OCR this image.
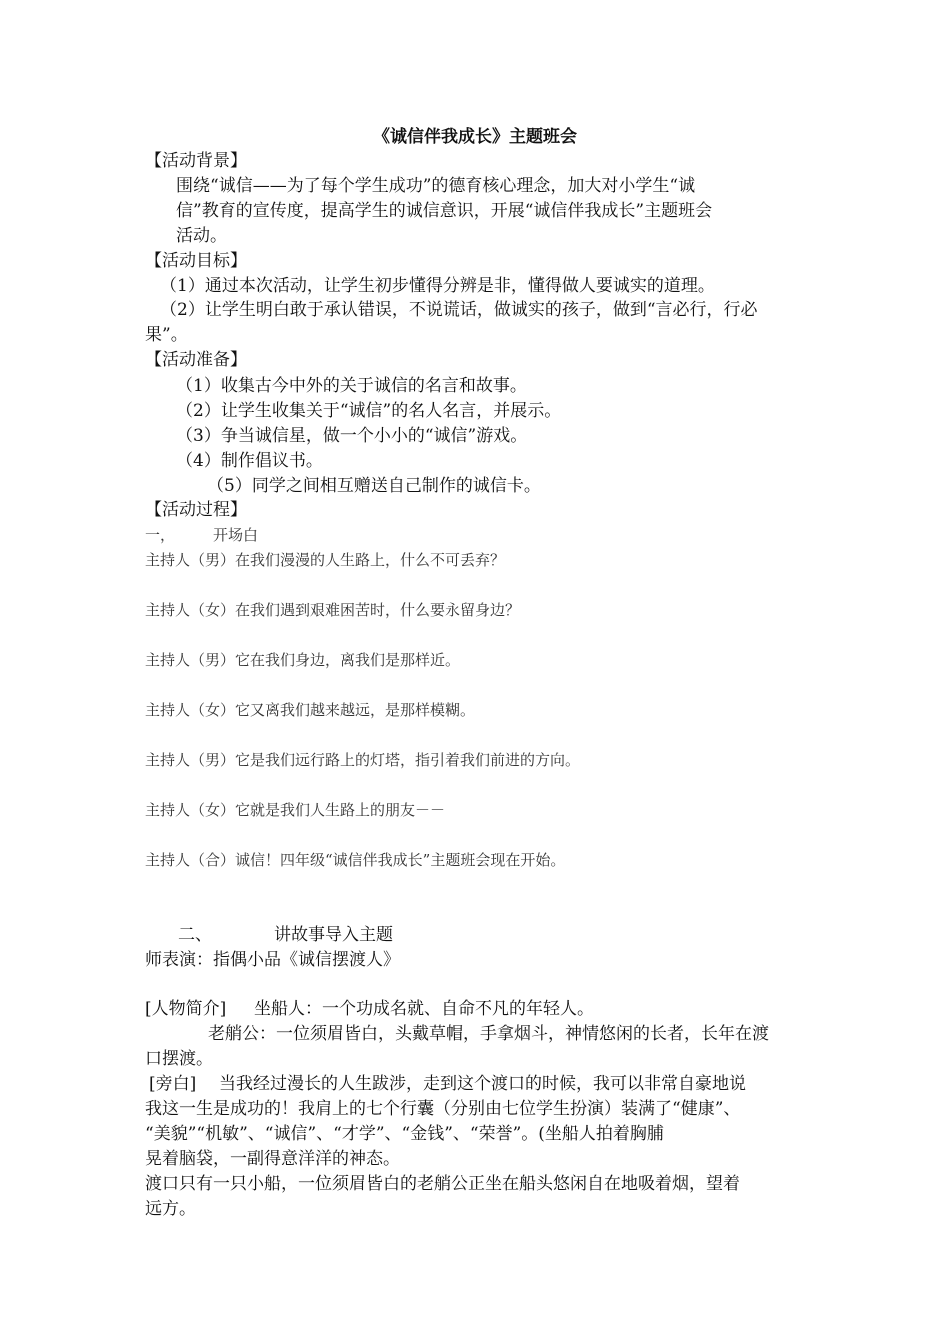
《诚信伴我成长》主题班会
【活动背景】
围绕“诚信——为了每个学生成功”的德育核心理念，加大对小学生“诚
信”教育的宣传度，提高学生的诚信意识，开展“诚信伴我成长”主题班会
活动。
【活动目标】
（1）通过本次活动，让学生初步懂得分辨是非，懂得做人要诚实的道理。
（2）让学生明白敢于承认错误，不说谎话，做诚实的孩子，做到“言必行，行必
果”。
【活动准备】
（1）收集古今中外的关于诚信的名言和故事。
（2）让学生收集关于“诚信”的名人名言，并展示。
（3）争当诚信星，做一个小小的“诚信”游戏。
（4）制作倡议书。
（5）同学之间相互赠送自己制作的诚信卡。
【活动过程】
一，	开场白
主持人（男）在我们漫漫的人生路上，什么不可丢弃？
主持人（女）在我们遇到艰难困苦时，什么要永留身边？
主持人（男）它在我们身边，离我们是那样近。
主持人（女）它又离我们越来越远，是那样模糊。
主持人（男）它是我们远行路上的灯塔，指引着我们前进的方向。
主持人（女）它就是我们人生路上的朋友－－
主持人（合）诚信！四年级“诚信伴我成长”主题班会现在开始。
二、	讲故事导入主题
师表演：指偶小品《诚信摆渡人》
[人物简介] 坐船人：一个功成名就、自命不凡的年轻人。
老艄公：一位须眉皆白，头戴草帽，手拿烟斗，神情悠闲的长者，长年在渡
口摆渡。
[旁白] 当我经过漫长的人生跋涉，走到这个渡口的时候，我可以非常自豪地说
我这一生是成功的！我肩上的七个行囊（分别由七位学生扮演）装满了“健康”、
“美貌”“机敏”、“诚信”、“才学”、“金钱”、“荣誉”。(坐船人拍着胸脯
晃着脑袋，一副得意洋洋的神态。
渡口只有一只小船，一位须眉皆白的老艄公正坐在船头悠闲自在地吸着烟，望着
远方。
